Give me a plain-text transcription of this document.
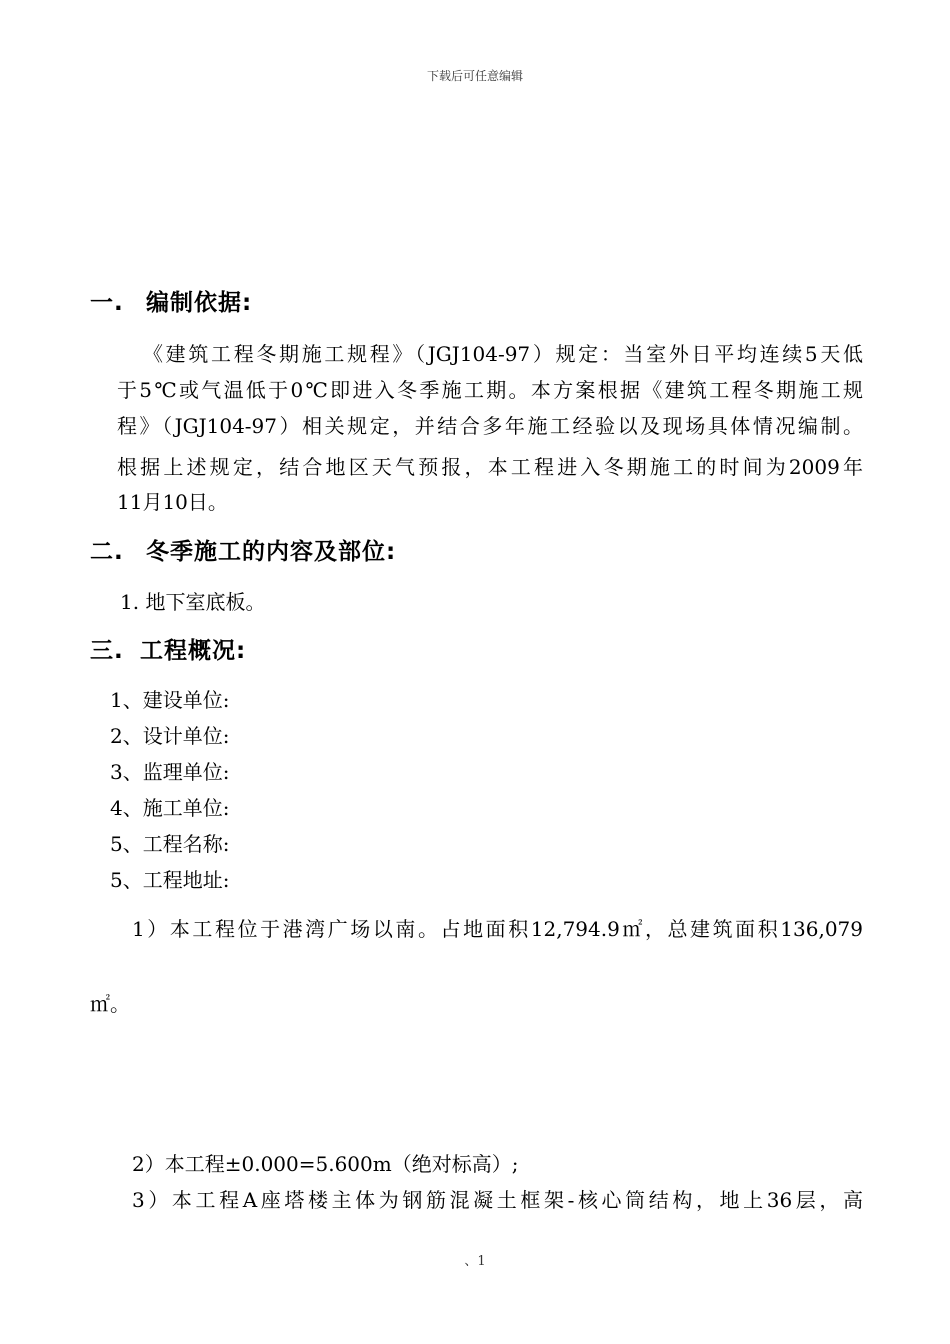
下载后可任意编辑
一. 编制依据:
《建筑工程冬期施工规程》（JGJ104-97）规定：当室外日平均连续5天低
于5℃或气温低于0℃即进入冬季施工期。本方案根据《建筑工程冬期施工规
程》（JGJ104-97）相关规定，并结合多年施工经验以及现场具体情况编制。
根据上述规定，结合地区天气预报，本工程进入冬期施工的时间为2009年
11月10日。
二. 冬季施工的内容及部位:
1. 地下室底板。
三. 工程概况:
1、建设单位:
2、设计单位:
3、监理单位:
4、施工单位:
5、工程名称:
5、工程地址:
1）本工程位于港湾广场以南。占地面积12,794.9㎡，总建筑面积136,079
㎡。
2）本工程±0.000=5.600m（绝对标高）;
3）本工程A座塔楼主体为钢筋混凝土框架-核心筒结构，地上36层，高
、1
